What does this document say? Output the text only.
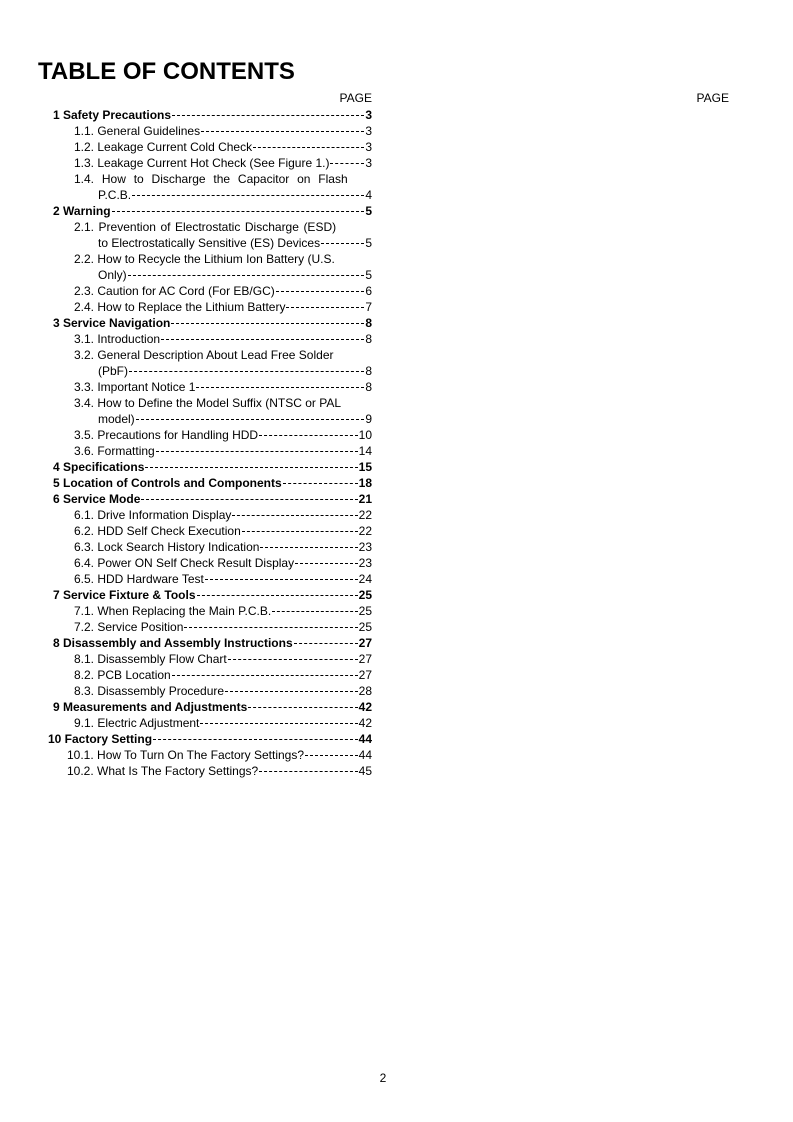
TABLE OF CONTENTS
PAGE	PAGE
1 Safety Precautions	3
1.1. General Guidelines	3
1.2. Leakage Current Cold Check	3
1.3. Leakage Current Hot Check (See Figure 1.)	3
1.4. How to Discharge the Capacitor on Flash
P.C.B.	4
2 Warning	5
2.1. Prevention of Electrostatic Discharge (ESD)
to Electrostatically Sensitive (ES) Devices	5
2.2. How to Recycle the Lithium Ion Battery (U.S.
Only)	5
2.3. Caution for AC Cord (For EB/GC)	6
2.4. How to Replace the Lithium Battery	7
3 Service Navigation	8
3.1. Introduction	8
3.2. General Description About Lead Free Solder
(PbF)	8
3.3. Important Notice 1	8
3.4. How to Define the Model Suffix (NTSC or PAL
model)	9
3.5. Precautions for Handling HDD	10
3.6. Formatting	14
4 Specifications	15
5 Location of Controls and Components	18
6 Service Mode	21
6.1. Drive Information Display	22
6.2. HDD Self Check Execution	22
6.3. Lock Search History Indication	23
6.4. Power ON Self Check Result Display	23
6.5. HDD Hardware Test	24
7 Service Fixture & Tools	25
7.1. When Replacing the Main P.C.B.	25
7.2. Service Position	25
8 Disassembly and Assembly Instructions	27
8.1. Disassembly Flow Chart	27
8.2. PCB Location	27
8.3. Disassembly Procedure	28
9 Measurements and Adjustments	42
9.1. Electric Adjustment	42
10 Factory Setting	44
10.1. How To Turn On The Factory Settings?	44
10.2. What Is The Factory Settings?	45
2
